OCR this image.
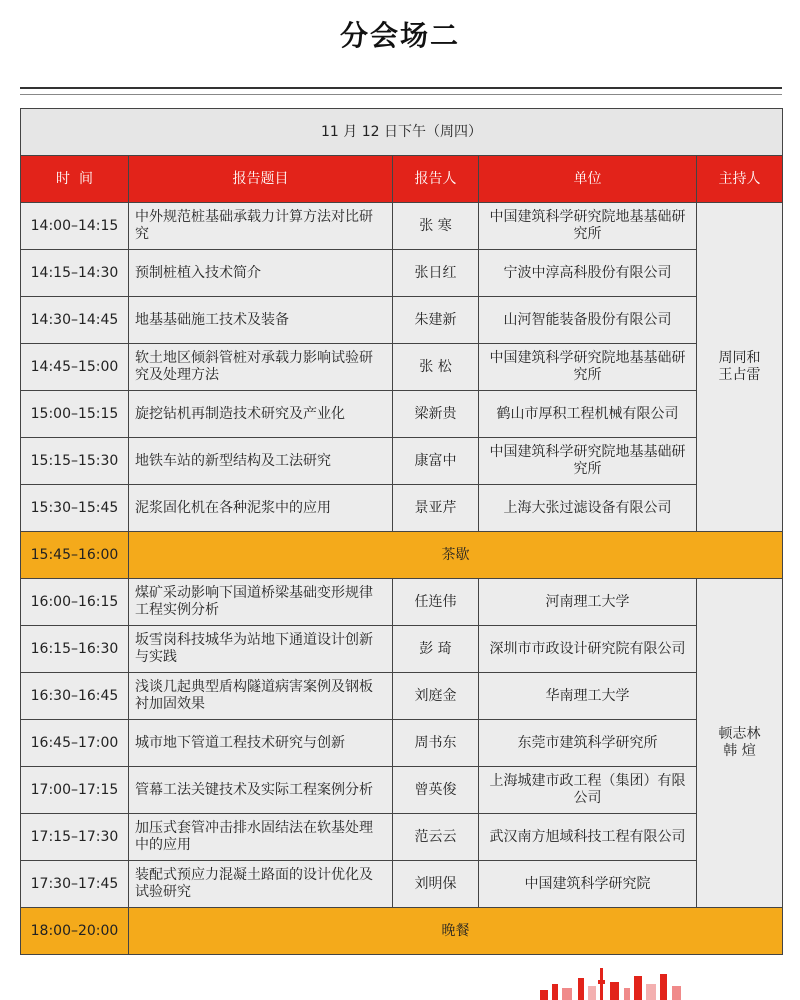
分会场二
11 月 12 日下午（周四）				
时  间	报告题目	报告人	单位	主持人
14:00–14:15	中外规范桩基础承载力计算方法对比研究	张 寒	中国建筑科学研究院地基基础研究所	周同和
王占雷
14:15–14:30	预制桩植入技术简介	张日红	宁波中淳高科股份有限公司	
14:30–14:45	地基基础施工技术及装备	朱建新	山河智能装备股份有限公司	
14:45–15:00	软土地区倾斜管桩对承载力影响试验研究及处理方法	张 松	中国建筑科学研究院地基基础研究所	
15:00–15:15	旋挖钻机再制造技术研究及产业化	梁新贵	鹤山市厚积工程机械有限公司	
15:15–15:30	地铁车站的新型结构及工法研究	康富中	中国建筑科学研究院地基基础研究所	
15:30–15:45	泥浆固化机在各种泥浆中的应用	景亚芹	上海大张过滤设备有限公司	
15:45–16:00	茶歇			
16:00–16:15	煤矿采动影响下国道桥梁基础变形规律工程实例分析	任连伟	河南理工大学	顿志林
韩 煊
16:15–16:30	坂雪岗科技城华为站地下通道设计创新与实践	彭 琦	深圳市市政设计研究院有限公司	
16:30–16:45	浅谈几起典型盾构隧道病害案例及钢板衬加固效果	刘庭金	华南理工大学	
16:45–17:00	城市地下管道工程技术研究与创新	周书东	东莞市建筑科学研究所	
17:00–17:15	管幕工法关键技术及实际工程案例分析	曾英俊	上海城建市政工程（集团）有限公司	
17:15–17:30	加压式套管冲击排水固结法在软基处理中的应用	范云云	武汉南方旭域科技工程有限公司	
17:30–17:45	装配式预应力混凝土路面的设计优化及试验研究	刘明保	中国建筑科学研究院	
18:00–20:00	晚餐			
